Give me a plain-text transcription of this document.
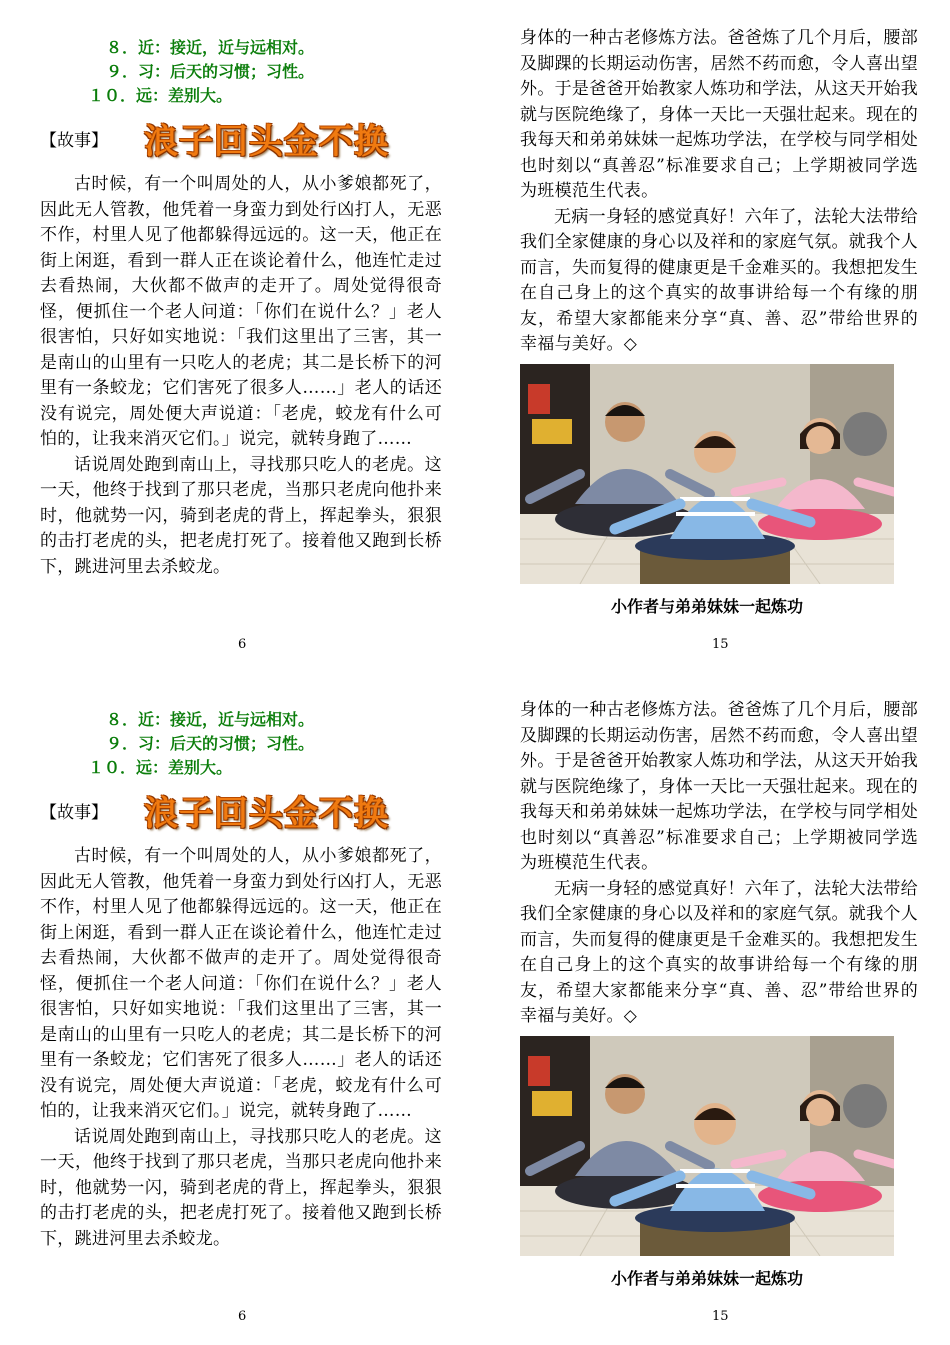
８．近：接近，近与远相对。
９．习：后天的习惯；习性。
１０．远：差别大。
【故事】	浪子回头金不换

古时候，有一个叫周处的人，从小爹娘都死了，因此无人管教，他凭着一身蛮力到处行凶打人，无恶不作，村里人见了他都躲得远远的。这一天，他正在街上闲逛，看到一群人正在谈论着什么，他连忙走过去看热闹，大伙都不做声的走开了。周处觉得很奇怪，便抓住一个老人问道：「你们在说什么？」老人很害怕，只好如实地说：「我们这里出了三害，其一是南山的山里有一只吃人的老虎；其二是长桥下的河里有一条蛟龙；它们害死了很多人……」老人的话还没有说完，周处便大声说道：「老虎，蛟龙有什么可怕的，让我来消灭它们。」说完，就转身跑了……

话说周处跑到南山上，寻找那只吃人的老虎。这一天，他终于找到了那只老虎，当那只老虎向他扑来时，他就势一闪，骑到老虎的背上，挥起拳头，狠狠的击打老虎的头，把老虎打死了。接着他又跑到长桥下，跳进河里去杀蛟龙。

身体的一种古老修炼方法。爸爸炼了几个月后，腰部及脚踝的长期运动伤害，居然不药而愈，令人喜出望外。于是爸爸开始教家人炼功和学法，从这天开始我就与医院绝缘了，身体一天比一天强壮起来。现在的我每天和弟弟妹妹一起炼功学法，在学校与同学相处也时刻以“真善忍”标准要求自己；上学期被同学选为班模范生代表。

无病一身轻的感觉真好！六年了，法轮大法带给我们全家健康的身心以及祥和的家庭气氛。就我个人而言，失而复得的健康更是千金难买的。我想把发生在自己身上的这个真实的故事讲给每一个有缘的朋友，希望大家都能来分享“真、善、忍”带给世界的幸福与美好。◇

小作者与弟弟妹妹一起炼功
6	15
８．近：接近，近与远相对。
９．习：后天的习惯；习性。
１０．远：差别大。
【故事】	浪子回头金不换

古时候，有一个叫周处的人，从小爹娘都死了，因此无人管教，他凭着一身蛮力到处行凶打人，无恶不作，村里人见了他都躲得远远的。这一天，他正在街上闲逛，看到一群人正在谈论着什么，他连忙走过去看热闹，大伙都不做声的走开了。周处觉得很奇怪，便抓住一个老人问道：「你们在说什么？」老人很害怕，只好如实地说：「我们这里出了三害，其一是南山的山里有一只吃人的老虎；其二是长桥下的河里有一条蛟龙；它们害死了很多人……」老人的话还没有说完，周处便大声说道：「老虎，蛟龙有什么可怕的，让我来消灭它们。」说完，就转身跑了……

话说周处跑到南山上，寻找那只吃人的老虎。这一天，他终于找到了那只老虎，当那只老虎向他扑来时，他就势一闪，骑到老虎的背上，挥起拳头，狠狠的击打老虎的头，把老虎打死了。接着他又跑到长桥下，跳进河里去杀蛟龙。

身体的一种古老修炼方法。爸爸炼了几个月后，腰部及脚踝的长期运动伤害，居然不药而愈，令人喜出望外。于是爸爸开始教家人炼功和学法，从这天开始我就与医院绝缘了，身体一天比一天强壮起来。现在的我每天和弟弟妹妹一起炼功学法，在学校与同学相处也时刻以“真善忍”标准要求自己；上学期被同学选为班模范生代表。

无病一身轻的感觉真好！六年了，法轮大法带给我们全家健康的身心以及祥和的家庭气氛。就我个人而言，失而复得的健康更是千金难买的。我想把发生在自己身上的这个真实的故事讲给每一个有缘的朋友，希望大家都能来分享“真、善、忍”带给世界的幸福与美好。◇

小作者与弟弟妹妹一起炼功
6	15
